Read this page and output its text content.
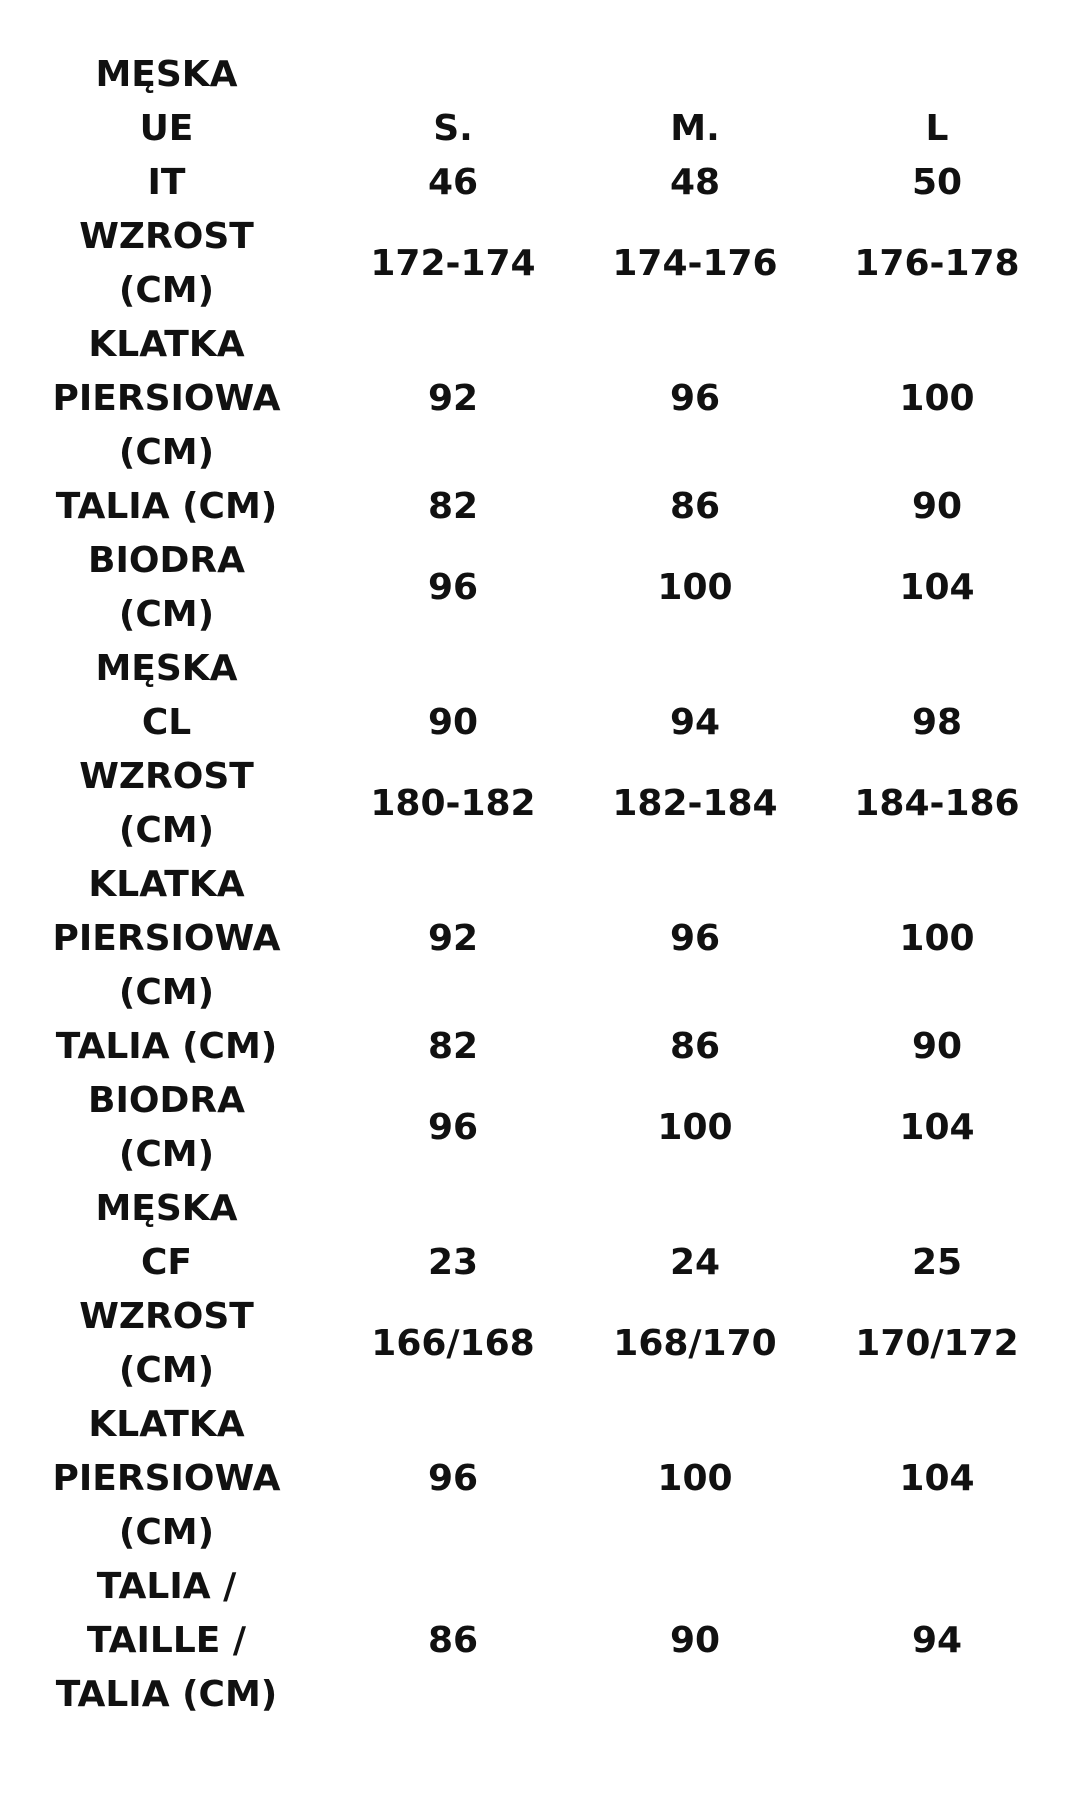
MĘSKA				

UE	S.	M.	L	

IT	46	48	50	

WZROST
(CM)	172-174	174-176	176-178	

KLATKA
PIERSIOWA
(CM)	92	96	100	

TALIA (CM)	82	86	90	

BIODRA
(CM)	96	100	104	

MĘSKA				

CL	90	94	98	

WZROST
(CM)	180-182	182-184	184-186	

KLATKA
PIERSIOWA
(CM)	92	96	100	

TALIA (CM)	82	86	90	

BIODRA
(CM)	96	100	104	

MĘSKA				

CF	23	24	25	

WZROST
(CM)	166/168	168/170	170/172	

KLATKA
PIERSIOWA
(CM)	96	100	104	

TALIA /
TAILLE /
TALIA (CM)	86	90	94	
